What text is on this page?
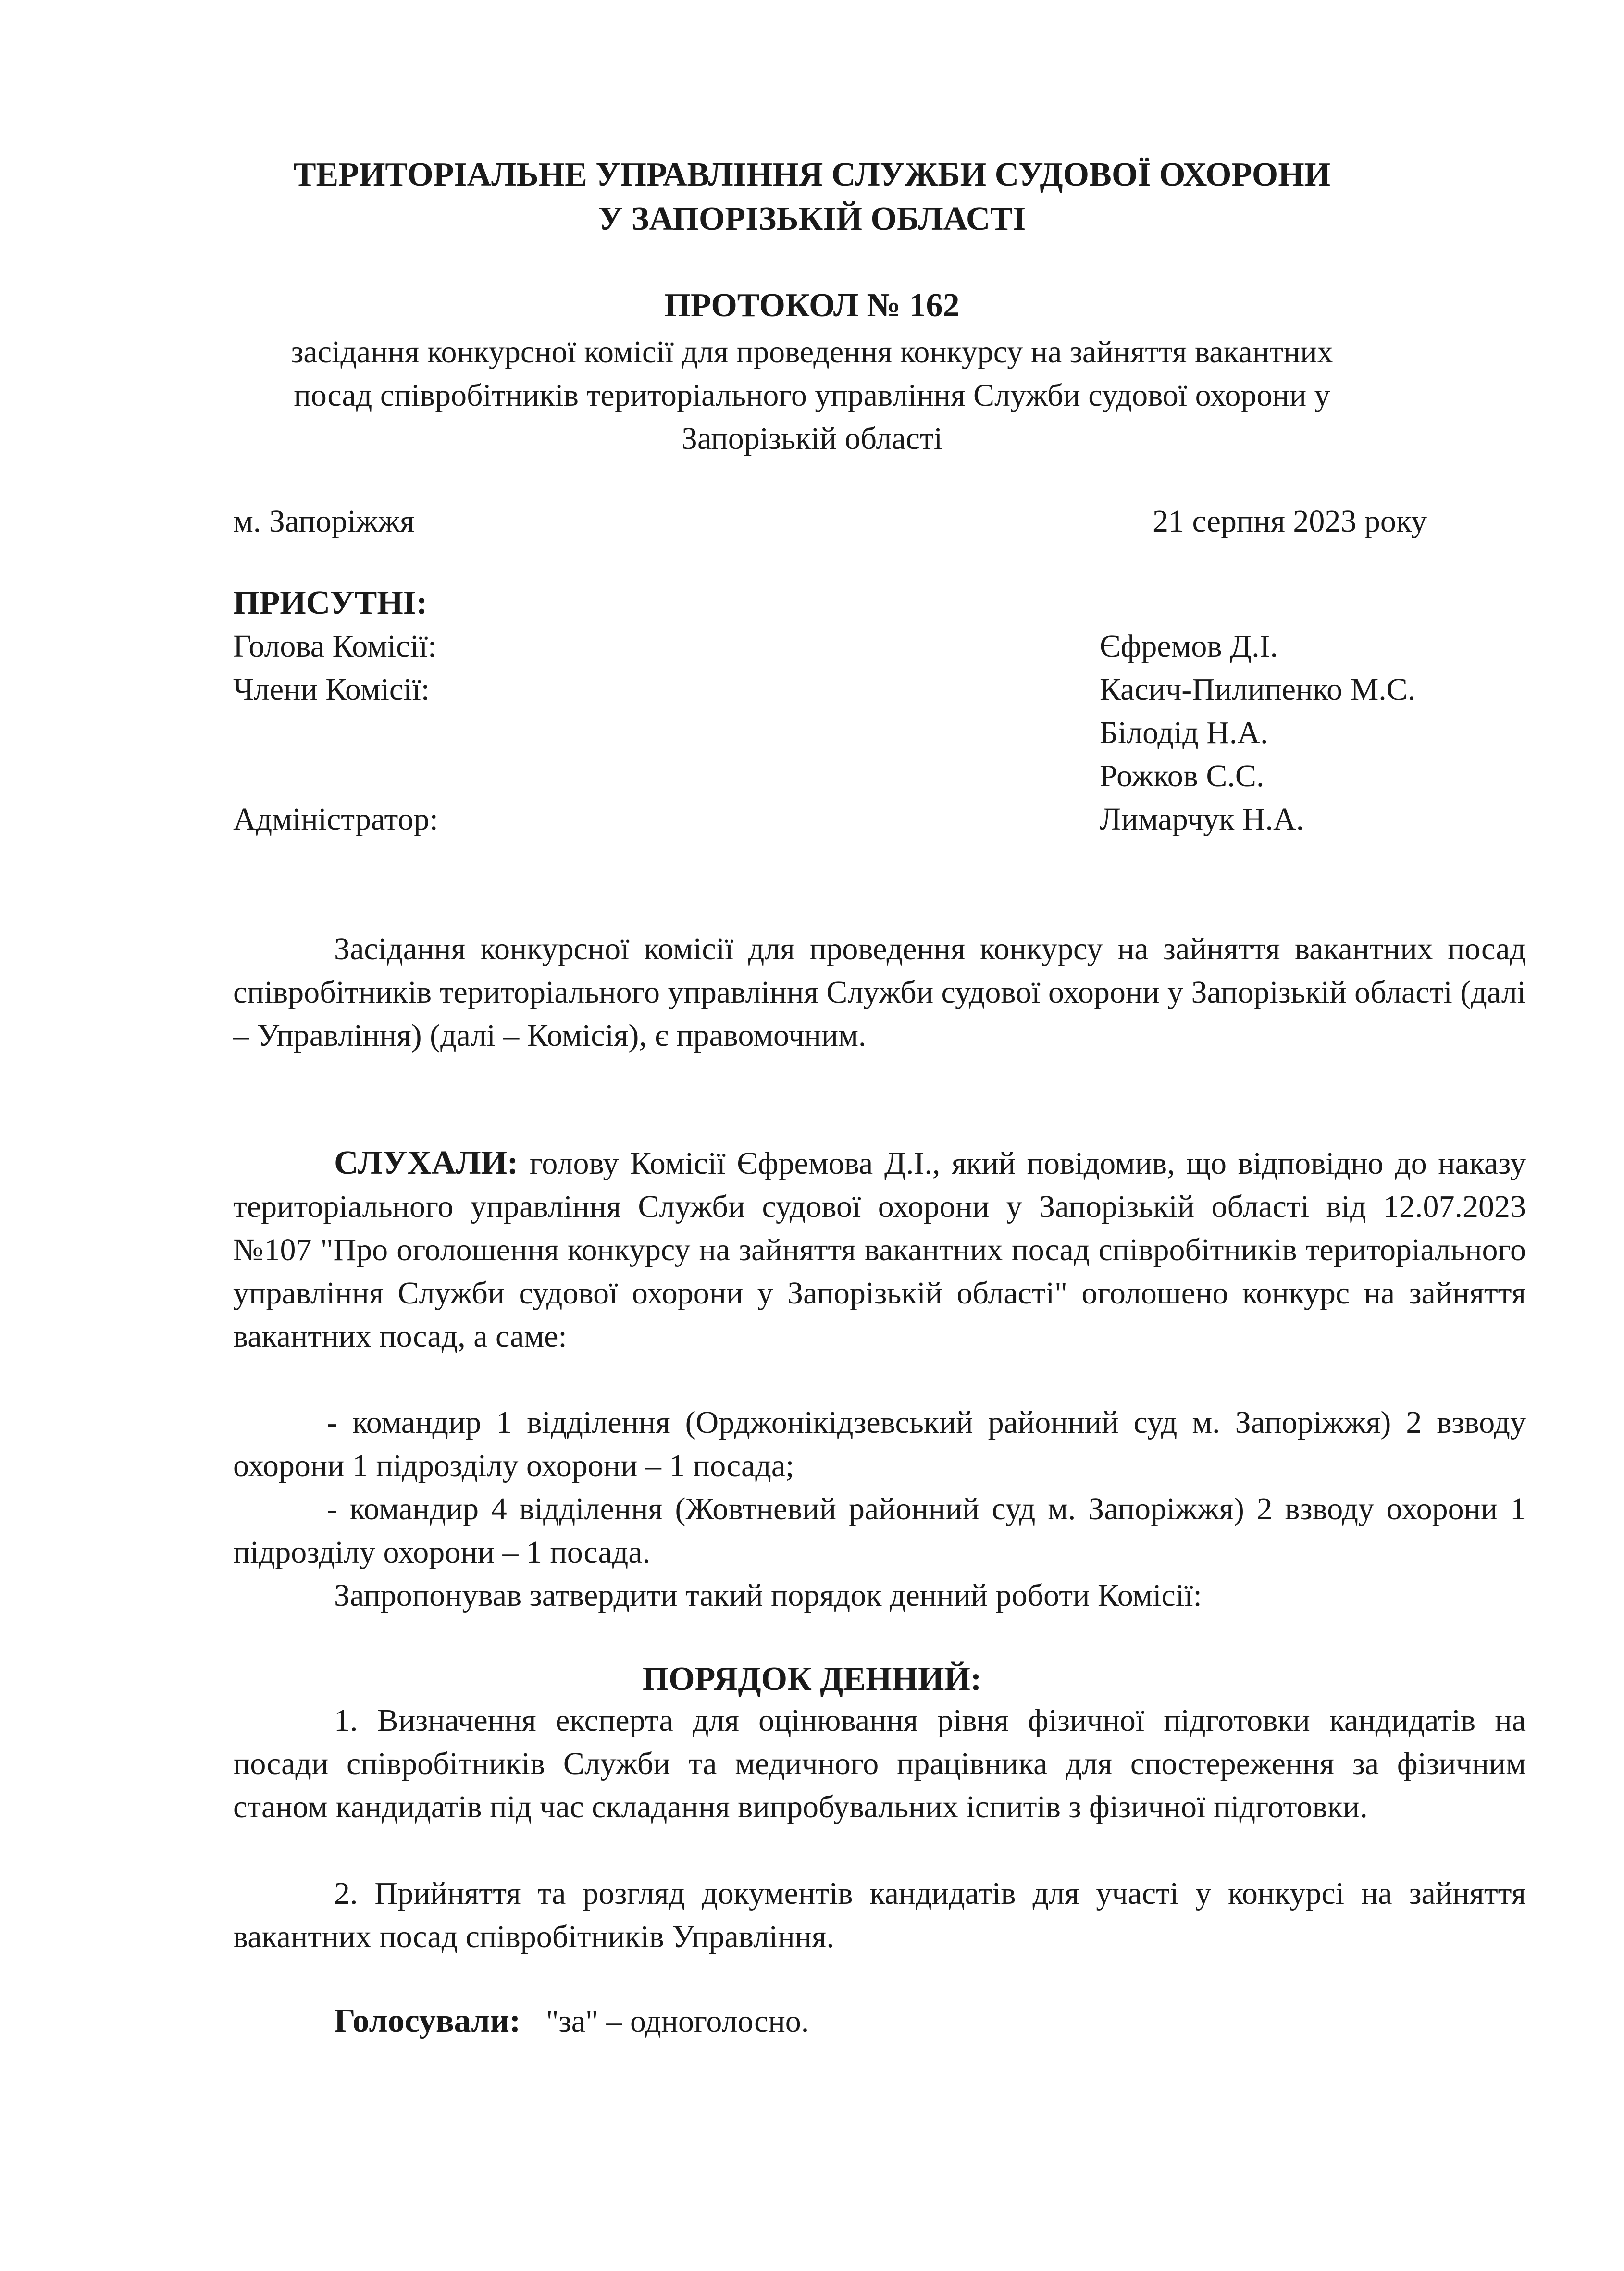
ТЕРИТОРІАЛЬНЕ УПРАВЛІННЯ СЛУЖБИ СУДОВОЇ ОХОРОНИ
У ЗАПОРІЗЬКІЙ ОБЛАСТІ
ПРОТОКОЛ № 162
засідання конкурсної комісії для проведення конкурсу на зайняття вакантних
посад співробітників територіального управління Служби судової охорони у
Запорізькій області
м. Запоріжжя	21 серпня 2023 року
ПРИСУТНІ:
Голова Комісії:	Єфремов Д.І.
Члени Комісії:	Касич-Пилипенко М.С.
Білодід Н.А.
Рожков С.С.
Адміністратор:	Лимарчук Н.А.

Засідання конкурсної комісії для проведення конкурсу на зайняття вакантних посад співробітників територіального управління Служби судової охорони у Запорізькій області (далі – Управління) (далі – Комісія), є правомочним.

СЛУХАЛИ: голову Комісії Єфремова Д.І., який повідомив, що відповідно до наказу територіального управління Служби судової охорони у Запорізькій області від 12.07.2023 №107 "Про оголошення конкурсу на зайняття вакантних посад співробітників територіального управління Служби судової охорони у Запорізькій області" оголошено конкурс на зайняття вакантних посад, а саме:

- командир 1 відділення (Орджонікідзевський районний суд м. Запоріжжя) 2 взводу охорони 1 підрозділу охорони – 1 посада;

- командир 4 відділення (Жовтневий районний суд м. Запоріжжя) 2 взводу охорони 1 підрозділу охорони – 1 посада.

Запропонував затвердити такий порядок денний роботи Комісії:

ПОРЯДОК ДЕННИЙ:

1. Визначення експерта для оцінювання рівня фізичної підготовки кандидатів на посади співробітників Служби та медичного працівника для спостереження за фізичним станом кандидатів під час складання випробувальних іспитів з фізичної підготовки.

2. Прийняття та розгляд документів кандидатів для участі у конкурсі на зайняття вакантних посад співробітників Управління.

Голосували: "за" – одноголосно.
